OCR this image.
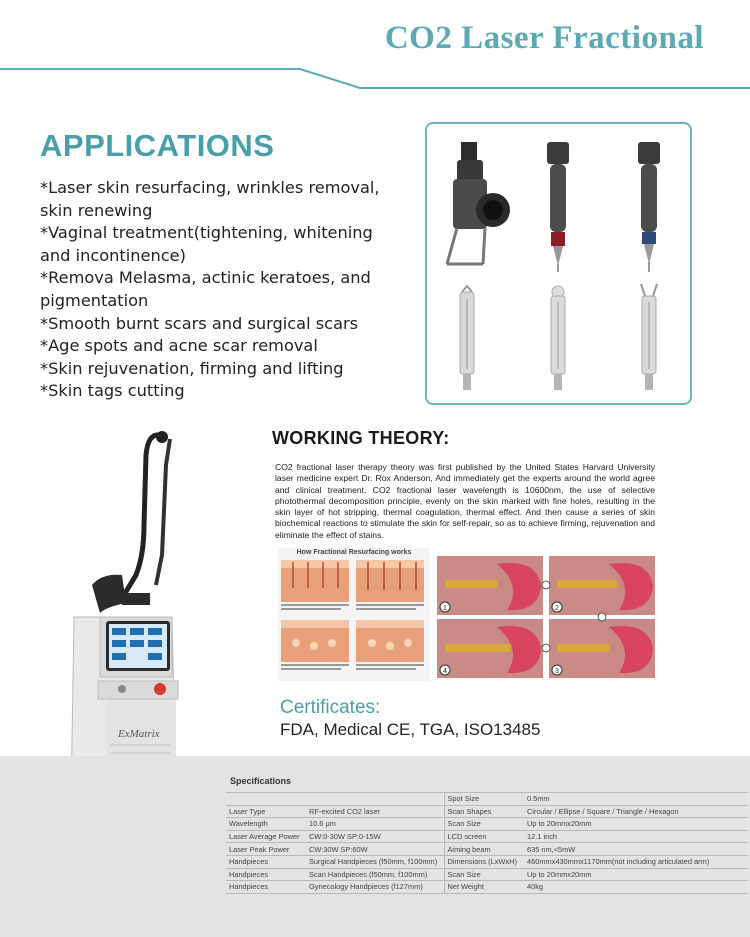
CO2 Laser Fractional
APPLICATIONS
*Laser skin resurfacing, wrinkles removal,
skin renewing
*Vaginal treatment(tightening, whitening
and incontinence)
*Remova Melasma, actinic keratoes, and
pigmentation
*Smooth burnt scars and surgical scars
*Age spots and acne scar removal
*Skin rejuvenation, firming and lifting
*Skin tags cutting
ExMatrix
WORKING THEORY:
CO2 fractional laser therapy theory was first published by the United States Harvard University laser medicine expert Dr. Rox Anderson, And immediately get the experts around the world agree and clinical treatment. CO2 fractional laser wavelength is 10600nm, the use of selective photothermal decomposition principle, evenly on the skin marked with fine holes, resulting in the skin layer of hot stripping, thermal coagulation, thermal effect. And then cause a series of skin biochemical reactions to stimulate the skin for self-repair, so as to achieve firming, rejuvenation and eliminate the effect of stains.
How Fractional Resurfacing works
1	2
3
4
Certificates:
FDA, Medical CE, TGA, ISO13485
Specifications
		Spot Size	0.5mm
Laser Type	RF-excited CO2 laser	Scan Shapes	Circular / Ellipse / Square / Triangle / Hexagon
Wavelength	10.6 μm	Scan Size	Up to 20mmx20mm
Laser Average Power	CW:0-30W SP:0-15W	LCD screen	12.1 inch
Laser Peak Power	CW:30W SP:60W	Aiming beam	635 nm,<5mW
Handpieces	Surgical Handpieces (f50mm, f100mm)	Dimensions (LxWxH)	460mmx430mmx1170mm(not including articulated arm)
Handpieces	Scan Handpieces (f50mm, f100mm)	Scan Size	Up to 20mmx20mm
Handpieces	Gynecology Handpieces (f127mm)	Net Weight	40kg
